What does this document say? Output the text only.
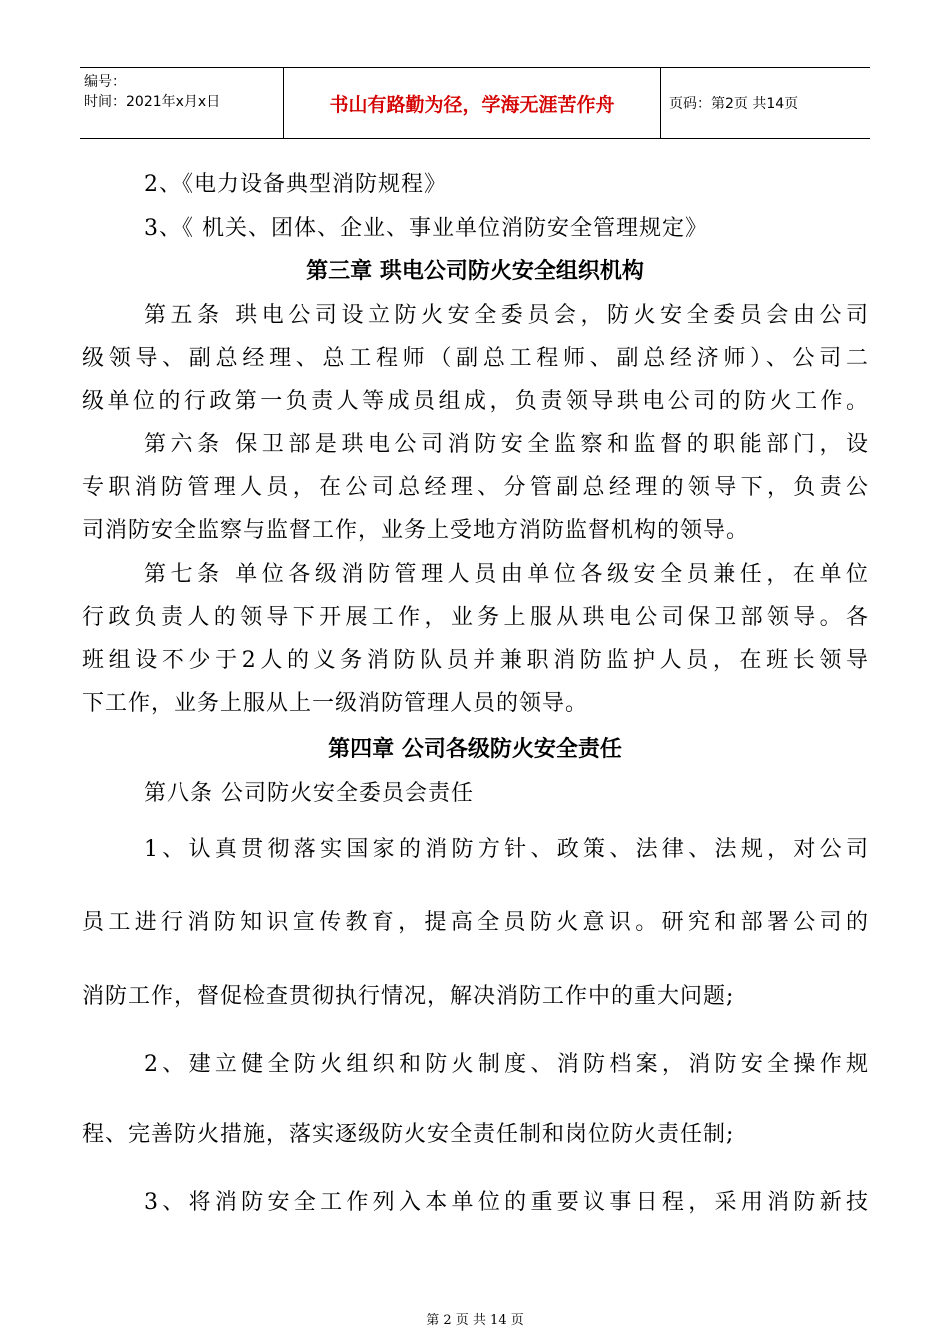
编号：
时间：2021年x月x日	书山有路勤为径，学海无涯苦作舟	页码：第2页 共14页
2、《电力设备典型消防规程》
3、《 机关、团体、企业、事业单位消防安全管理规定》
第三章 珙电公司防火安全组织机构
第五条 珙电公司设立防火安全委员会，防火安全委员会由公司
级领导、副总经理、总工程师（副总工程师、副总经济师）、公司二
级单位的行政第一负责人等成员组成，负责领导珙电公司的防火工作。
第六条 保卫部是珙电公司消防安全监察和监督的职能部门，设
专职消防管理人员，在公司总经理、分管副总经理的领导下，负责公
司消防安全监察与监督工作，业务上受地方消防监督机构的领导。
第七条 单位各级消防管理人员由单位各级安全员兼任，在单位
行政负责人的领导下开展工作，业务上服从珙电公司保卫部领导。各
班组设不少于2人的义务消防队员并兼职消防监护人员，在班长领导
下工作，业务上服从上一级消防管理人员的领导。
第四章 公司各级防火安全责任
第八条 公司防火安全委员会责任
1、认真贯彻落实国家的消防方针、政策、法律、法规，对公司
员工进行消防知识宣传教育，提高全员防火意识。研究和部署公司的
消防工作，督促检查贯彻执行情况，解决消防工作中的重大问题;
2、建立健全防火组织和防火制度、消防档案，消防安全操作规
程、完善防火措施，落实逐级防火安全责任制和岗位防火责任制;
3、将消防安全工作列入本单位的重要议事日程，采用消防新技
第 2 页 共 14 页
